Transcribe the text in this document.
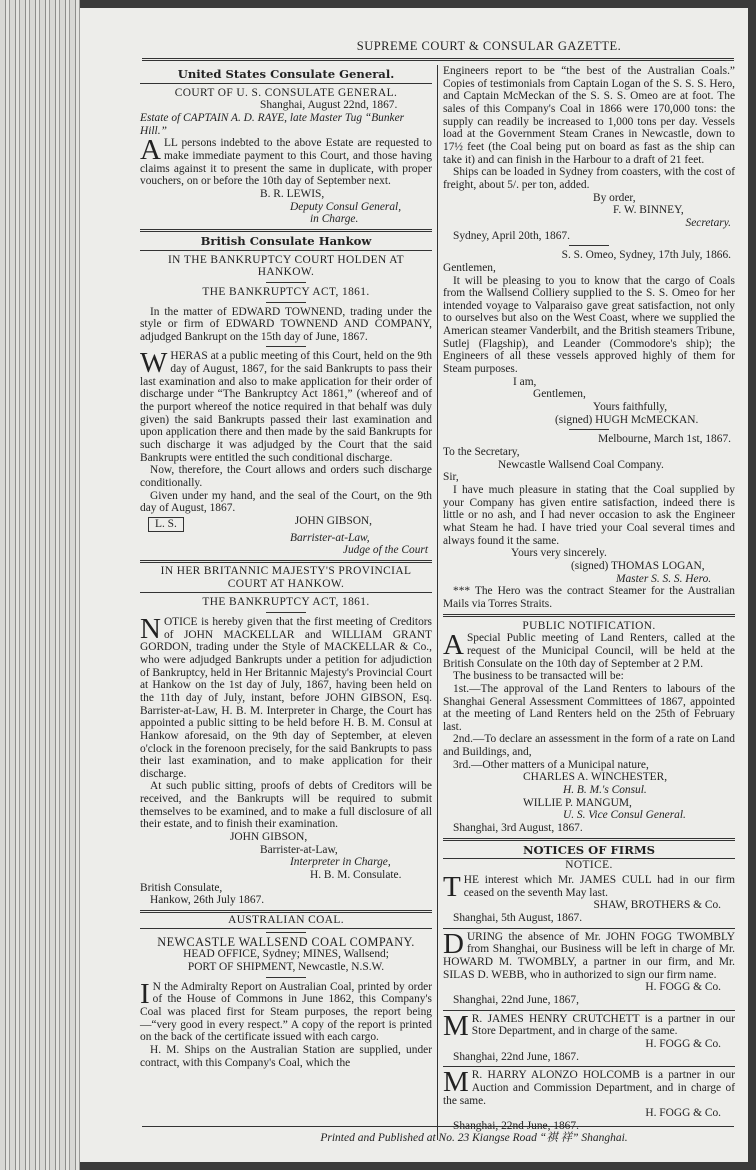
SUPREME COURT & CONSULAR GAZETTE.
United States Consulate General.
COURT OF U. S. CONSULATE GENERAL.
Shanghai, August 22nd, 1867.
Estate of CAPTAIN A. D. RAYE, late Master Tug “Bunker Hill.”
ALL persons indebted to the above Estate are requested to make immediate payment to this Court, and those having claims against it to present the same in duplicate, with proper vouchers, on or before the 10th day of September next.
B. R. LEWIS,
Deputy Consul General,
in Charge.
British Consulate Hankow
IN THE BANKRUPTCY COURT HOLDEN AT HANKOW.
THE BANKRUPTCY ACT, 1861.
In the matter of EDWARD TOWNEND, trading under the style or firm of EDWARD TOWNEND AND COMPANY, adjudged Bankrupt on the 15th day of June, 1867.
WHERAS at a public meeting of this Court, held on the 9th day of August, 1867, for the said Bankrupts to pass their last examination and also to make application for their order of discharge under “The Bankruptcy Act 1861,” (whereof and of the purport whereof the notice required in that behalf was duly given) the said Bankrupts passed their last examination and upon application there and then made by the said Bankrupts for such discharge it was adjudged by the Court that the said Bankrupts were entitled the such conditional discharge.
Now, therefore, the Court allows and orders such discharge conditionally.
Given under my hand, and the seal of the Court, on the 9th day of August, 1867.
L. S.	JOHN GIBSON,
Barrister-at-Law,
Judge of the Court
IN HER BRITANNIC MAJESTY'S PROVINCIAL COURT AT HANKOW.
THE BANKRUPTCY ACT, 1861.
NOTICE is hereby given that the first meeting of Creditors of JOHN MACKELLAR and WILLIAM GRANT GORDON, trading under the Style of MACKELLAR & Co., who were adjudged Bankrupts under a petition for adjudiction of Bankruptcy, held in Her Britannic Majesty's Provincial Court at Hankow on the 1st day of July, 1867, having been held on the 11th day of July, instant, before JOHN GIBSON, Esq. Barrister-at-Law, H. B. M. Interpreter in Charge, the Court has appointed a public sitting to be held before H. B. M. Consul at Hankow aforesaid, on the 9th day of September, at eleven o'clock in the forenoon precisely, for the said Bankrupts to pass their last examination, and to make application for their discharge.
At such public sitting, proofs of debts of Creditors will be received, and the Bankrupts will be required to submit themselves to be examined, and to make a full disclosure of all their estate, and to finish their examination.
JOHN GIBSON,
Barrister-at-Law,
Interpreter in Charge,
H. B. M. Consulate.
British Consulate,
Hankow, 26th July 1867.
AUSTRALIAN COAL.
NEWCASTLE WALLSEND COAL COMPANY.
HEAD OFFICE, Sydney; MINES, Wallsend;
PORT OF SHIPMENT, Newcastle, N.S.W.
IN the Admiralty Report on Australian Coal, printed by order of the House of Commons in June 1862, this Company's Coal was placed first for Steam purposes, the report being—“very good in every respect.” A copy of the report is printed on the back of the certificate issued with each cargo.
H. M. Ships on the Australian Station are supplied, under contract, with this Company's Coal, which the
Engineers report to be “the best of the Australian Coals.” Copies of testimonials from Captain Logan of the S. S. S. Hero, and Captain McMeckan of the S. S. S. Omeo are at foot. The sales of this Company's Coal in 1866 were 170,000 tons: the supply can readily be increased to 1,000 tons per day. Vessels load at the Government Steam Cranes in Newcastle, down to 17½ feet (the Coal being put on board as fast as the ship can take it) and can finish in the Harbour to a draft of 21 feet.
Ships can be loaded in Sydney from coasters, with the cost of freight, about 5/. per ton, added.
By order,
F. W. BINNEY,
Secretary.
Sydney, April 20th, 1867.
S. S. Omeo, Sydney, 17th July, 1866.
Gentlemen,
It will be pleasing to you to know that the cargo of Coals from the Wallsend Colliery supplied to the S. S. Omeo for her intended voyage to Valparaiso gave great satisfaction, not only to ourselves but also on the West Coast, where we supplied the American steamer Vanderbilt, and the British steamers Tribune, Sutlej (Flagship), and Leander (Commodore's ship); the Engineers of all these vessels approved highly of them for Steam purposes.
I am,
Gentlemen,
Yours faithfully,
(signed) HUGH McMECKAN.
Melbourne, March 1st, 1867.
To the Secretary,
Newcastle Wallsend Coal Company.
Sir,
I have much pleasure in stating that the Coal supplied by your Company has given entire satisfaction, indeed there is little or no ash, and I had never occasion to ask the Engineer what Steam he had. I have tried your Coal several times and always found it the same.
Yours very sincerely.
(signed) THOMAS LOGAN,
Master S. S. S. Hero.
*** The Hero was the contract Steamer for the Australian Mails via Torres Straits.
PUBLIC NOTIFICATION.
ASpecial Public meeting of Land Renters, called at the request of the Municipal Council, will be held at the British Consulate on the 10th day of September at 2 P.M.
The business to be transacted will be:
1st.—The approval of the Land Renters to labours of the Shanghai General Assessment Committees of 1867, appointed at the meeting of Land Renters held on the 25th of February last.
2nd.—To declare an assessment in the form of a rate on Land and Buildings, and,
3rd.—Other matters of a Municipal nature,
CHARLES A. WINCHESTER,
H. B. M.'s Consul.
WILLIE P. MANGUM,
U. S. Vice Consul General.
Shanghai, 3rd August, 1867.
NOTICES OF FIRMS
NOTICE.
THE interest which Mr. JAMES CULL had in our firm ceased on the seventh May last.
SHAW, BROTHERS & Co.
Shanghai, 5th August, 1867.
DURING the absence of Mr. JOHN FOGG TWOMBLY from Shanghai, our Business will be left in charge of Mr. HOWARD M. TWOMBLY, a partner in our firm, and Mr. SILAS D. WEBB, who in authorized to sign our firm name.
H. FOGG & Co.
Shanghai, 22nd June, 1867,
MR. JAMES HENRY CRUTCHETT is a partner in our Store Department, and in charge of the same.
H. FOGG & Co.
Shanghai, 22nd June, 1867.
MR. HARRY ALONZO HOLCOMB is a partner in our Auction and Commission Department, and in charge of the same.
H. FOGG & Co.
Shanghai, 22nd June, 1867.
Printed and Published at No. 23 Kiangse Road “祺 祥” Shanghai.
